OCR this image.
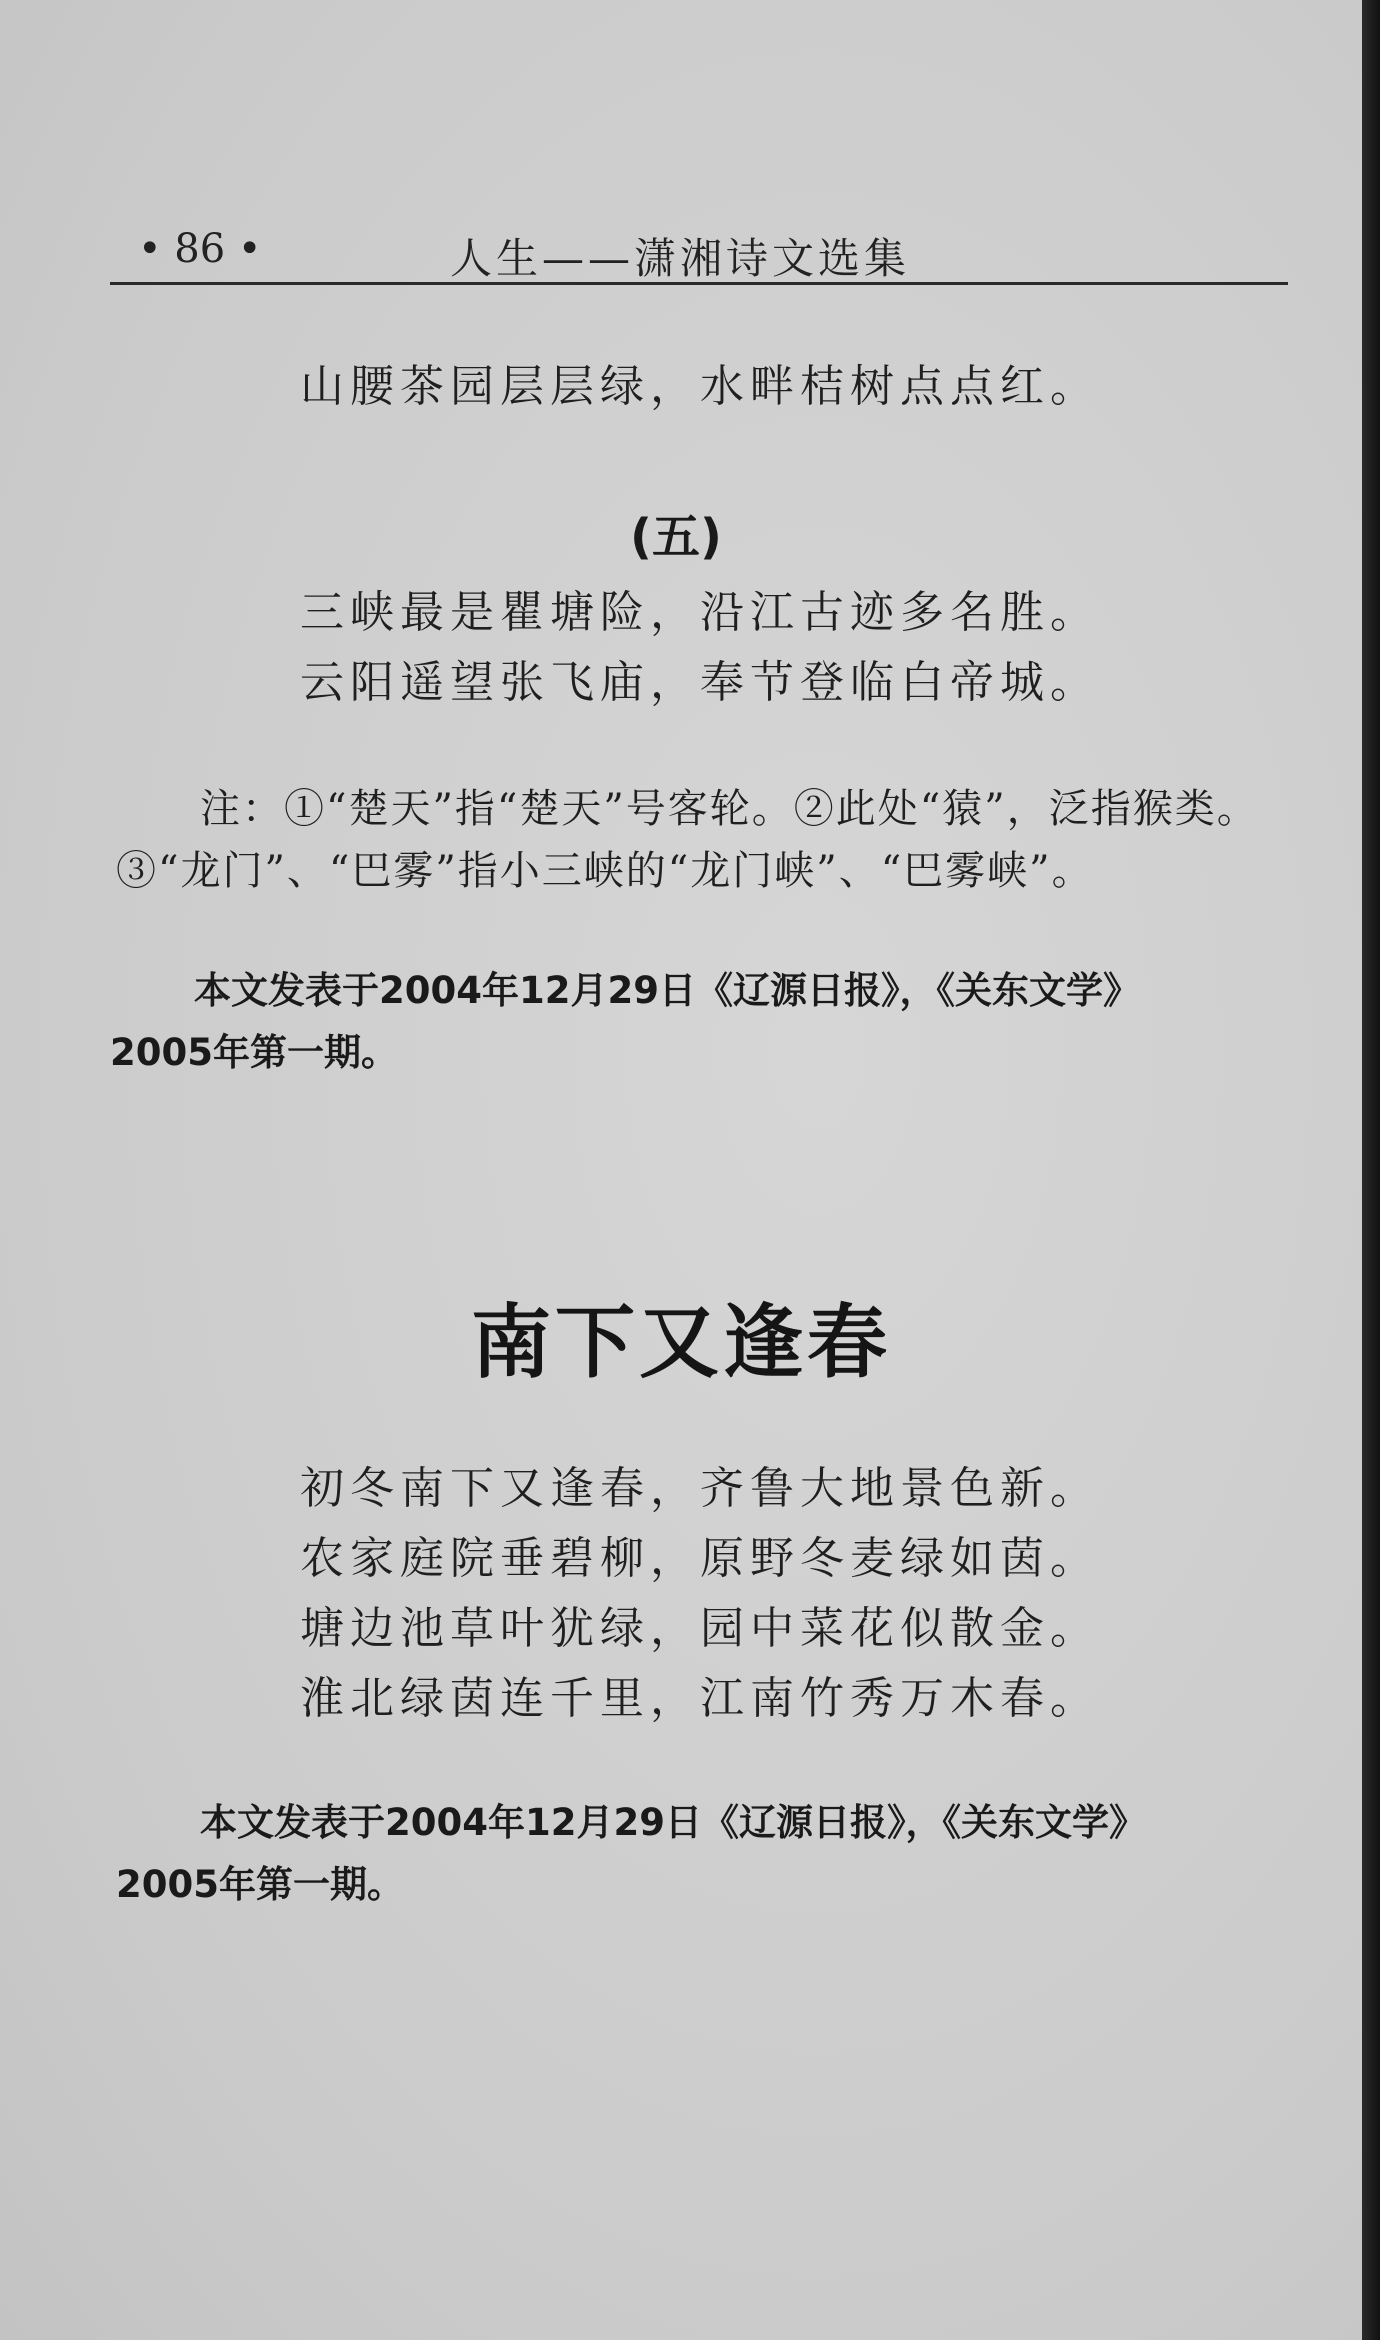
• 86 •	人生——潇湘诗文选集
山腰茶园层层绿，水畔桔树点点红。
(五)
三峡最是瞿塘险，沿江古迹多名胜。
云阳遥望张飞庙，奉节登临白帝城。
注：①“楚天”指“楚天”号客轮。②此处“猿”，泛指猴类。③“龙门”、“巴雾”指小三峡的“龙门峡”、“巴雾峡”。
本文发表于2004年12月29日《辽源日报》，《关东文学》
2005年第一期。
南下又逢春
初冬南下又逢春，齐鲁大地景色新。
农家庭院垂碧柳，原野冬麦绿如茵。
塘边池草叶犹绿，园中菜花似散金。
淮北绿茵连千里，江南竹秀万木春。
本文发表于2004年12月29日《辽源日报》，《关东文学》
2005年第一期。
